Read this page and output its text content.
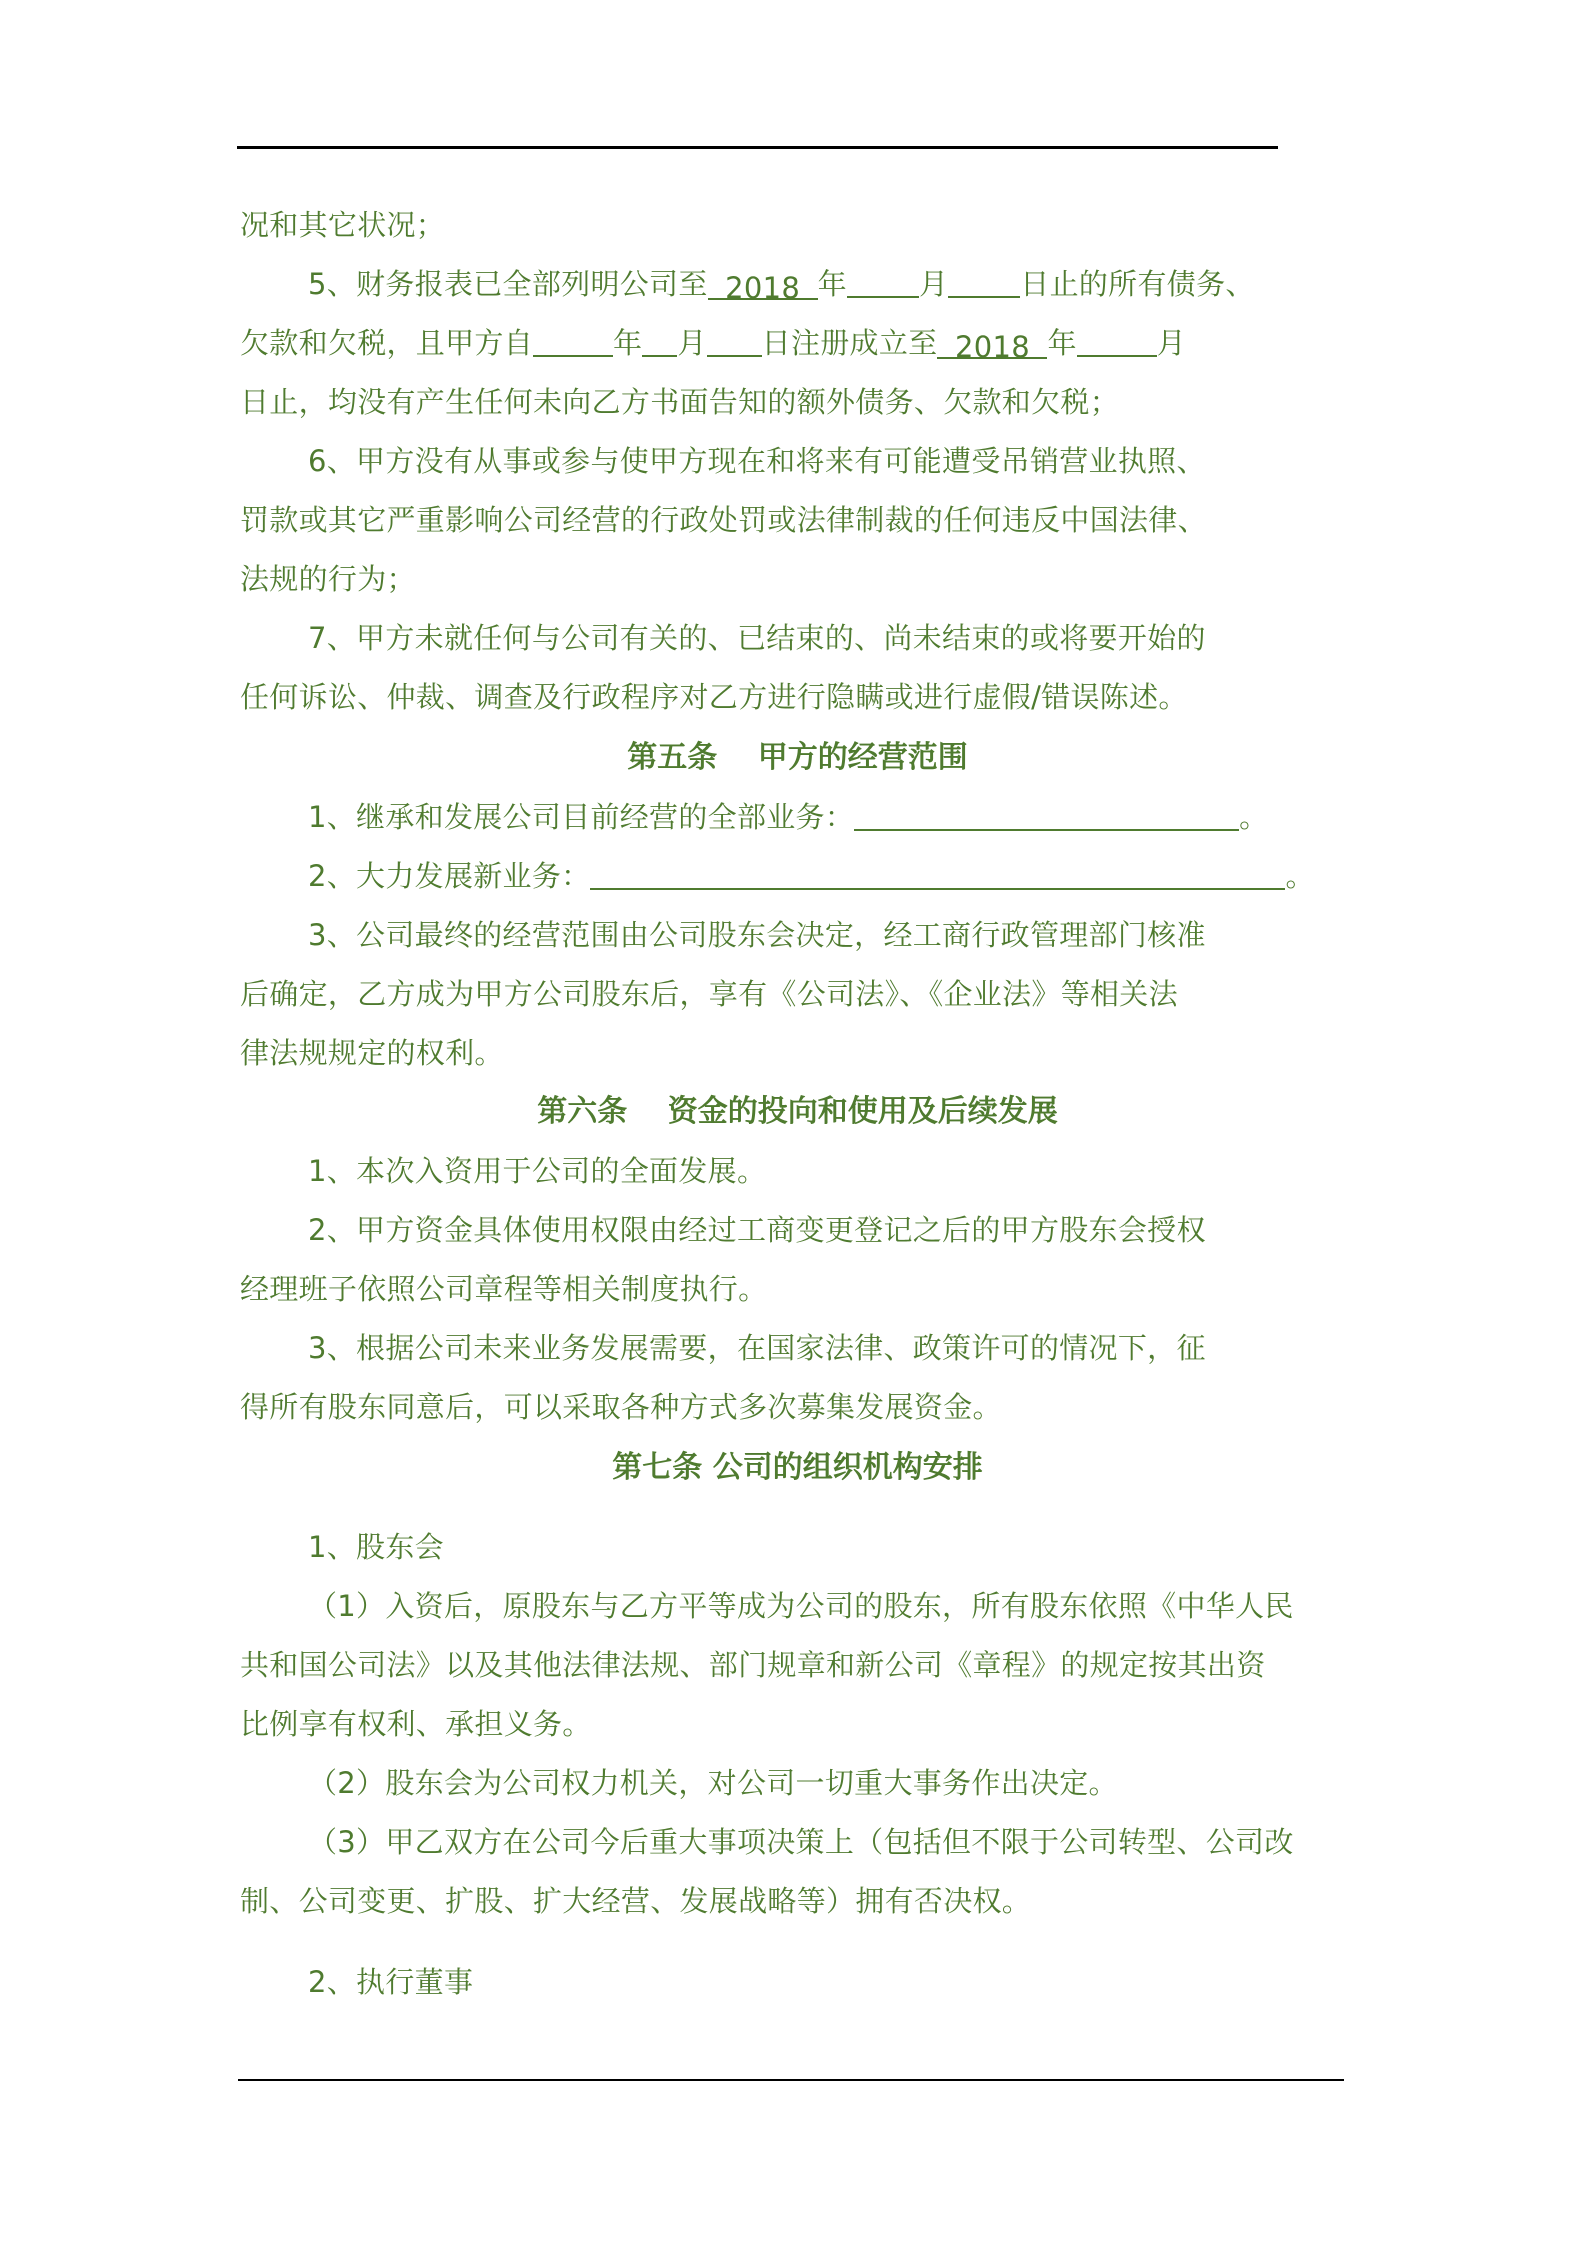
况和其它状况；
5、财务报表已全部列明公司至 2018 年 月 日止的所有债务、
欠款和欠税，且甲方自	年 月 日注册成立至 2018 年	月
日止，均没有产生任何未向乙方书面告知的额外债务、欠款和欠税；
6、甲方没有从事或参与使甲方现在和将来有可能遭受吊销营业执照、
罚款或其它严重影响公司经营的行政处罚或法律制裁的任何违反中国法律、
法规的行为；
7、甲方未就任何与公司有关的、已结束的、尚未结束的或将要开始的
任何诉讼、仲裁、调查及行政程序对乙方进行隐瞒或进行虚假/错误陈述。
第五条　 甲方的经营范围
1、继承和发展公司目前经营的全部业务：	。
2、大力发展新业务：	。
3、公司最终的经营范围由公司股东会决定，经工商行政管理部门核准
后确定，乙方成为甲方公司股东后，享有《公司法》、《企业法》等相关法
律法规规定的权利。
第六条　 资金的投向和使用及后续发展
1、本次入资用于公司的全面发展。
2、甲方资金具体使用权限由经过工商变更登记之后的甲方股东会授权
经理班子依照公司章程等相关制度执行。
3、根据公司未来业务发展需要，在国家法律、政策许可的情况下，征
得所有股东同意后，可以采取各种方式多次募集发展资金。
第七条 公司的组织机构安排
1、股东会
（1）入资后，原股东与乙方平等成为公司的股东，所有股东依照《中华人民
共和国公司法》以及其他法律法规、部门规章和新公司《章程》的规定按其出资
比例享有权利、承担义务。
（2）股东会为公司权力机关，对公司一切重大事务作出决定。
（3）甲乙双方在公司今后重大事项决策上（包括但不限于公司转型、公司改
制、公司变更、扩股、扩大经营、发展战略等）拥有否决权。
2、执行董事
